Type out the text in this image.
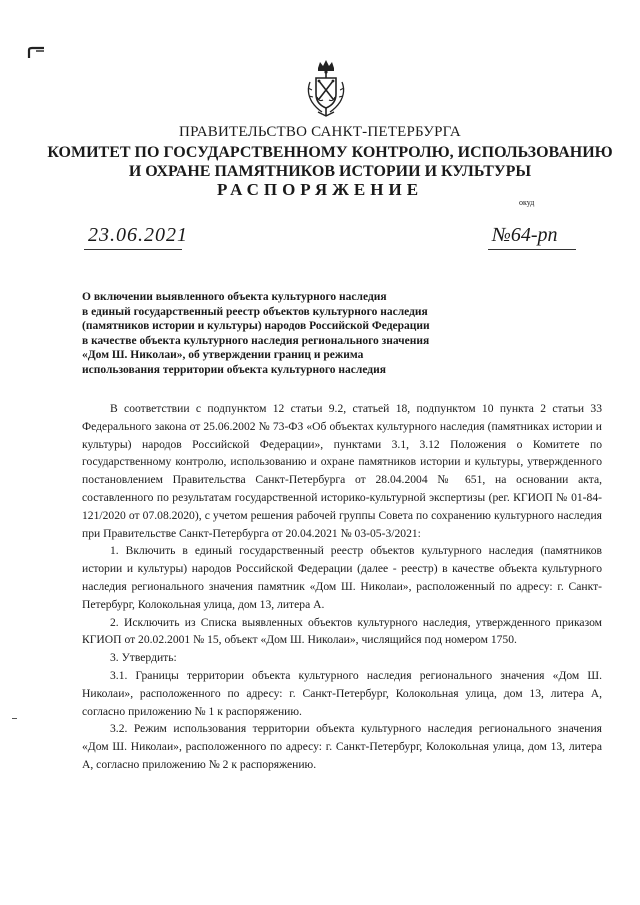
ПРАВИТЕЛЬСТВО САНКТ-ПЕТЕРБУРГА
КОМИТЕТ ПО ГОСУДАРСТВЕННОМУ КОНТРОЛЮ, ИСПОЛЬЗОВАНИЮ
И ОХРАНЕ ПАМЯТНИКОВ ИСТОРИИ И КУЛЬТУРЫ
РАСПОРЯЖЕНИЕ
окуд
23.06.2021	№64-рп
О включении выявленного объекта культурного наследия
в единый государственный реестр объектов культурного наследия
(памятников истории и культуры) народов Российской Федерации
в качестве объекта культурного наследия регионального значения
«Дом Ш. Николаи», об утверждении границ и режима
использования территории объекта культурного наследия

В соответствии с подпунктом 12 статьи 9.2, статьей 18, подпунктом 10 пункта 2 статьи 33 Федерального закона от 25.06.2002 № 73-ФЗ «Об объектах культурного наследия (памятниках истории и культуры) народов Российской Федерации», пунктами 3.1, 3.12 Положения о Комитете по государственному контролю, использованию и охране памятников истории и культуры, утвержденного постановлением Правительства Санкт-Петербурга от 28.04.2004 № 651, на основании акта, составленного по результатам государственной историко-культурной экспертизы (рег. КГИОП № 01-84-121/2020 от 07.08.2020), с учетом решения рабочей группы Совета по сохранению культурного наследия при Правительстве Санкт-Петербурга от 20.04.2021 № 03-05-3/2021:

1. Включить в единый государственный реестр объектов культурного наследия (памятников истории и культуры) народов Российской Федерации (далее - реестр) в качестве объекта культурного наследия регионального значения памятник «Дом Ш. Николаи», расположенный по адресу: г. Санкт-Петербург, Колокольная улица, дом 13, литера А.

2. Исключить из Списка выявленных объектов культурного наследия, утвержденного приказом КГИОП от 20.02.2001 № 15, объект «Дом Ш. Николаи», числящийся под номером 1750.

3. Утвердить:

3.1. Границы территории объекта культурного наследия регионального значения «Дом Ш. Николаи», расположенного по адресу: г. Санкт-Петербург, Колокольная улица, дом 13, литера А, согласно приложению № 1 к распоряжению.

3.2. Режим использования территории объекта культурного наследия регионального значения «Дом Ш. Николаи», расположенного по адресу: г. Санкт-Петербург, Колокольная улица, дом 13, литера А, согласно приложению № 2 к распоряжению.
